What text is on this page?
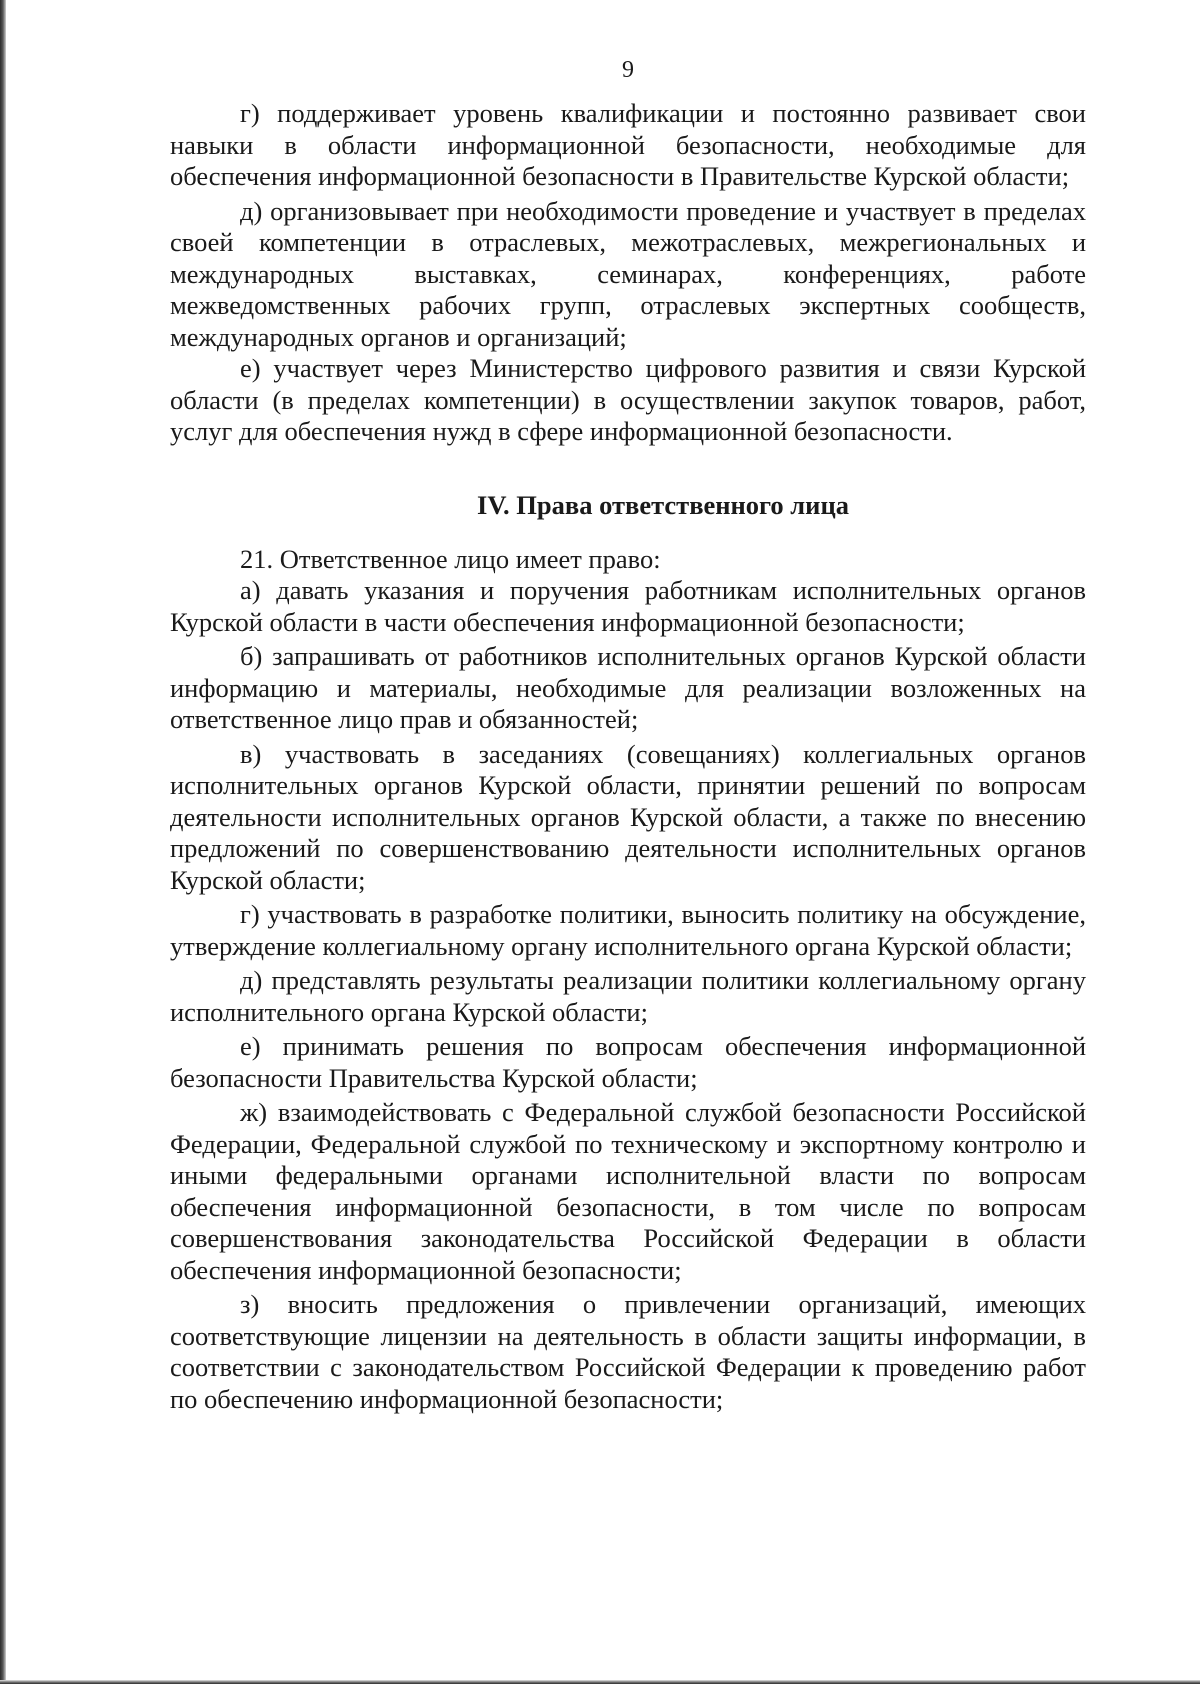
9

г) поддерживает уровень квалификации и постоянно развивает свои навыки в области информационной безопасности, необходимые для обеспечения информационной безопасности в Правительстве Курской области;

д) организовывает при необходимости проведение и участвует в пределах своей компетенции в отраслевых, межотраслевых, межрегиональных и международных выставках, семинарах, конференциях, работе межведомственных рабочих групп, отраслевых экспертных сообществ, международных органов и организаций;

е) участвует через Министерство цифрового развития и связи Курской области (в пределах компетенции) в осуществлении закупок товаров, работ, услуг для обеспечения нужд в сфере информационной безопасности.

IV. Права ответственного лица

21. Ответственное лицо имеет право:

а) давать указания и поручения работникам исполнительных органов Курской области в части обеспечения информационной безопасности;

б) запрашивать от работников исполнительных органов Курской области информацию и материалы, необходимые для реализации возложенных на ответственное лицо прав и обязанностей;

в) участвовать в заседаниях (совещаниях) коллегиальных органов исполнительных органов Курской области, принятии решений по вопросам деятельности исполнительных органов Курской области, а также по внесению предложений по совершенствованию деятельности исполнительных органов Курской области;

г) участвовать в разработке политики, выносить политику на обсуждение, утверждение коллегиальному органу исполнительного органа Курской области;

д) представлять результаты реализации политики коллегиальному органу исполнительного органа Курской области;

е) принимать решения по вопросам обеспечения информационной безопасности Правительства Курской области;

ж) взаимодействовать с Федеральной службой безопасности Российской Федерации, Федеральной службой по техническому и экспортному контролю и иными федеральными органами исполнительной власти по вопросам обеспечения информационной безопасности, в том числе по вопросам совершенствования законодательства Российской Федерации в области обеспечения информационной безопасности;

з) вносить предложения о привлечении организаций, имеющих соответствующие лицензии на деятельность в области защиты информации, в соответствии с законодательством Российской Федерации к проведению работ по обеспечению информационной безопасности;
